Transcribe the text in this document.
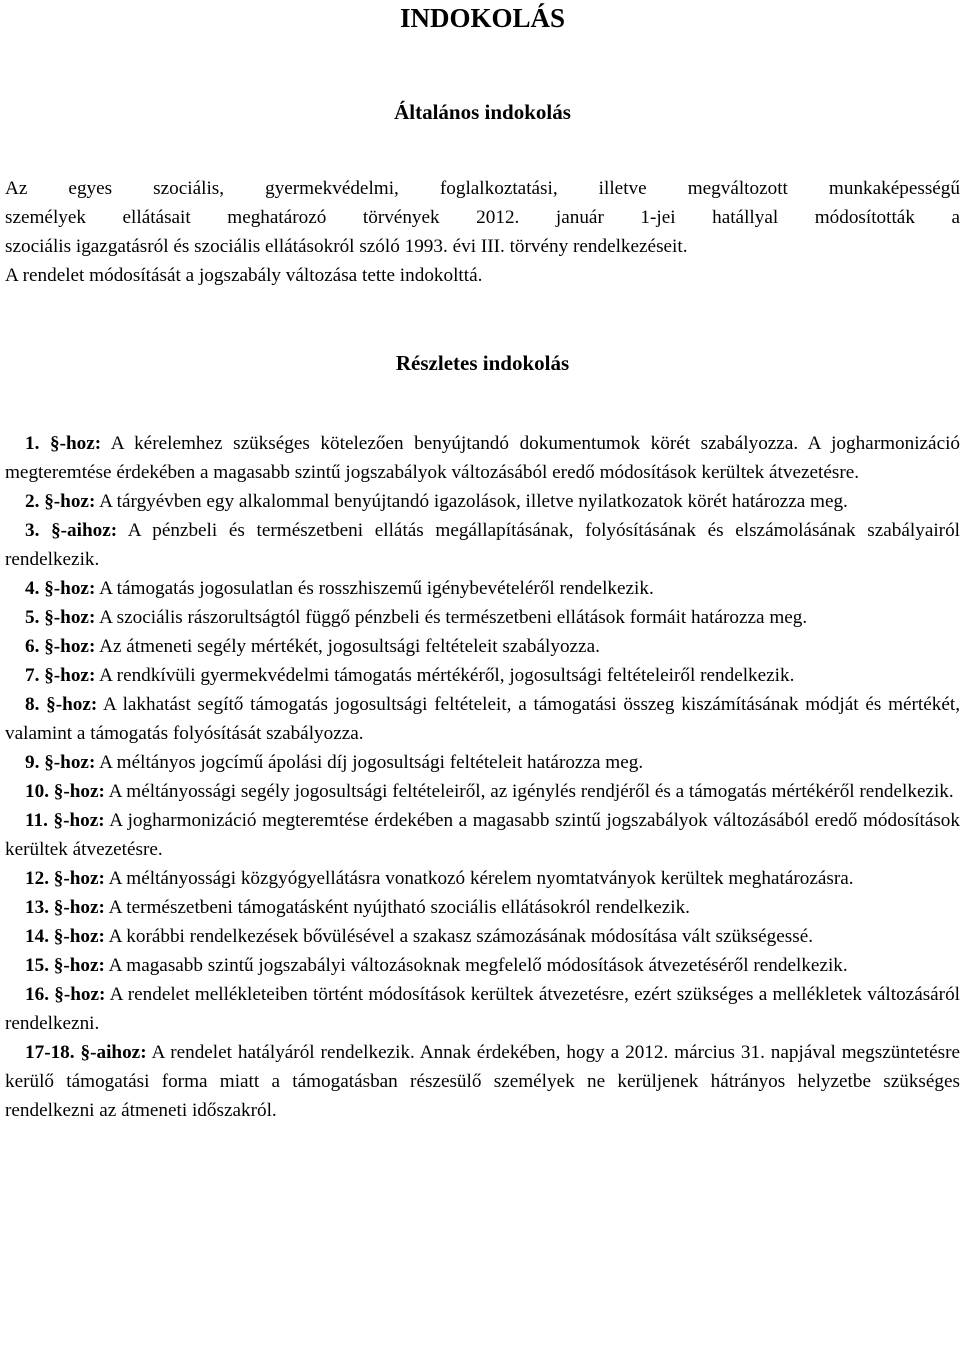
INDOKOLÁS
Általános indokolás
Az egyes szociális, gyermekvédelmi, foglalkoztatási, illetve megváltozott munkaképességű
személyek ellátásait meghatározó törvények 2012. január 1-jei hatállyal módosították a
szociális igazgatásról és szociális ellátásokról szóló 1993. évi III. törvény rendelkezéseit.
A rendelet módosítását a jogszabály változása tette indokolttá.
Részletes indokolás

1. §-hoz: A kérelemhez szükséges kötelezően benyújtandó dokumentumok körét szabályozza. A jogharmonizáció megteremtése érdekében a magasabb szintű jogszabályok változásából eredő módosítások kerültek átvezetésre.

2. §-hoz: A tárgyévben egy alkalommal benyújtandó igazolások, illetve nyilatkozatok körét határozza meg.

3. §-aihoz: A pénzbeli és természetbeni ellátás megállapításának, folyósításának és elszámolásának szabályairól rendelkezik.

4. §-hoz: A támogatás jogosulatlan és rosszhiszemű igénybevételéről rendelkezik.

5. §-hoz: A szociális rászorultságtól függő pénzbeli és természetbeni ellátások formáit határozza meg.

6. §-hoz: Az átmeneti segély mértékét, jogosultsági feltételeit szabályozza.

7. §-hoz: A rendkívüli gyermekvédelmi támogatás mértékéről, jogosultsági feltételeiről rendelkezik.

8. §-hoz: A lakhatást segítő támogatás jogosultsági feltételeit, a támogatási összeg kiszámításának módját és mértékét, valamint a támogatás folyósítását szabályozza.

9. §-hoz: A méltányos jogcímű ápolási díj jogosultsági feltételeit határozza meg.

10. §-hoz: A méltányossági segély jogosultsági feltételeiről, az igénylés rendjéről és a támogatás mértékéről rendelkezik.

11. §-hoz: A jogharmonizáció megteremtése érdekében a magasabb szintű jogszabályok változásából eredő módosítások kerültek átvezetésre.

12. §-hoz: A méltányossági közgyógyellátásra vonatkozó kérelem nyomtatványok kerültek meghatározásra.

13. §-hoz: A természetbeni támogatásként nyújtható szociális ellátásokról rendelkezik.

14. §-hoz: A korábbi rendelkezések bővülésével a szakasz számozásának módosítása vált szükségessé.

15. §-hoz: A magasabb szintű jogszabályi változásoknak megfelelő módosítások átvezetéséről rendelkezik.

16. §-hoz: A rendelet mellékleteiben történt módosítások kerültek átvezetésre, ezért szükséges a mellékletek változásáról rendelkezni.

17-18. §-aihoz: A rendelet hatályáról rendelkezik. Annak érdekében, hogy a 2012. március 31. napjával megszüntetésre kerülő támogatási forma miatt a támogatásban részesülő személyek ne kerüljenek hátrányos helyzetbe szükséges rendelkezni az átmeneti időszakról.
